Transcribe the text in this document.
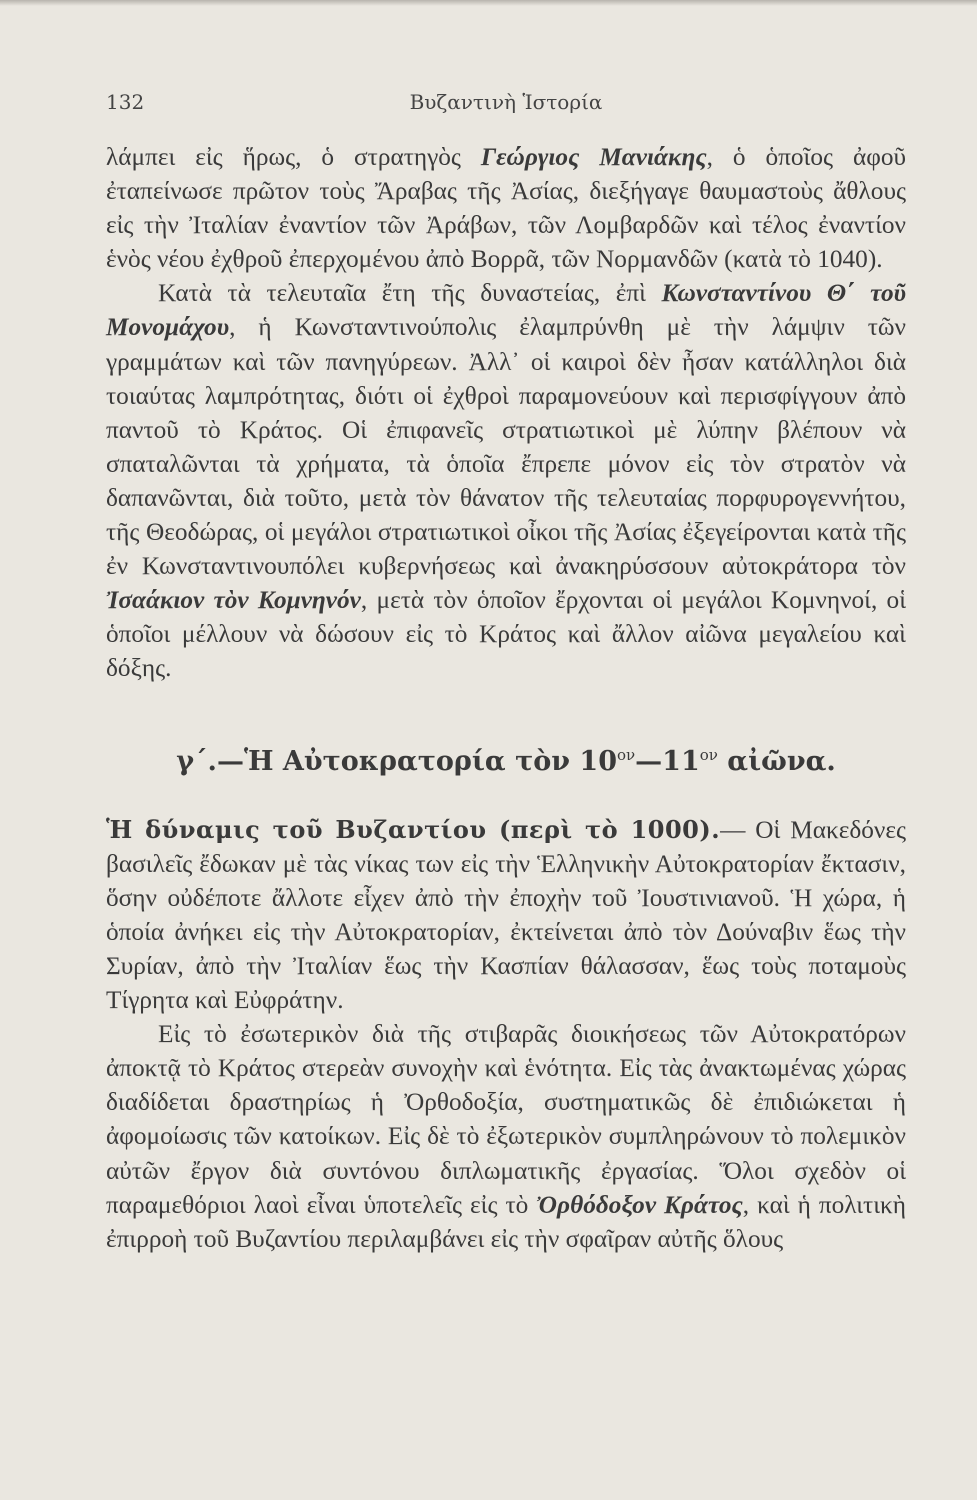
132	Βυζαντινὴ Ἱστορία

λάμπει εἰς ἥρως, ὁ στρατηγὸς Γεώργιος Μανιάκης, ὁ ὁποῖος ἀφοῦ ἐταπείνωσε πρῶτον τοὺς Ἄραβας τῆς Ἀσίας, διεξήγαγε θαυμαστοὺς ἄθλους εἰς τὴν Ἰταλίαν ἐναντίον τῶν Ἀράβων, τῶν Λομβαρδῶν καὶ τέλος ἐναντίον ἑνὸς νέου ἐχθροῦ ἐπερχομένου ἀπὸ Βορρᾶ, τῶν Νορμανδῶν (κατὰ τὸ 1040).

Κατὰ τὰ τελευταῖα ἔτη τῆς δυναστείας, ἐπὶ Κωνσταντίνου Θ΄ τοῦ Μονομάχου, ἡ Κωνσταντινούπολις ἐλαμπρύνθη μὲ τὴν λάμψιν τῶν γραμμάτων καὶ τῶν πανηγύρεων. Ἀλλ᾽ οἱ καιροὶ δὲν ἦσαν κατάλληλοι διὰ τοιαύτας λαμπρότητας, διότι οἱ ἐχθροὶ παραμονεύουν καὶ περισφίγγουν ἀπὸ παντοῦ τὸ Κράτος. Οἱ ἐπιφανεῖς στρατιωτικοὶ μὲ λύπην βλέπουν νὰ σπαταλῶνται τὰ χρήματα, τὰ ὁποῖα ἔπρεπε μόνον εἰς τὸν στρατὸν νὰ δαπανῶνται, διὰ τοῦτο, μετὰ τὸν θάνατον τῆς τελευταίας πορφυρογεννήτου, τῆς Θεοδώρας, οἱ μεγάλοι στρατιωτικοὶ οἶκοι τῆς Ἀσίας ἐξεγείρονται κατὰ τῆς ἐν Κωνσταντινουπόλει κυβερνήσεως καὶ ἀνακηρύσσουν αὐτοκράτορα τὸν Ἰσαάκιον τὸν Κομνηνόν, μετὰ τὸν ὁποῖον ἔρχονται οἱ μεγάλοι Κομνηνοί, οἱ ὁποῖοι μέλλουν νὰ δώσουν εἰς τὸ Κράτος καὶ ἄλλον αἰῶνα μεγαλείου καὶ δόξης.

γ΄.—Ἡ Αὐτοκρατορία τὸν $10^{o\nu}—11^{o\nu}$ αἰῶνα.

Ἡ δύναμις τοῦ Βυζαντίου (περὶ τὸ 1000).— Οἱ Μακεδόνες βασιλεῖς ἔδωκαν μὲ τὰς νίκας των εἰς τὴν Ἑλληνικὴν Αὐτοκρατορίαν ἔκτασιν, ὅσην οὐδέποτε ἄλλοτε εἶχεν ἀπὸ τὴν ἐποχὴν τοῦ Ἰουστινιανοῦ. Ἡ χώρα, ἡ ὁποία ἀνήκει εἰς τὴν Αὐτοκρατορίαν, ἐκτείνεται ἀπὸ τὸν Δούναβιν ἕως τὴν Συρίαν, ἀπὸ τὴν Ἰταλίαν ἕως τὴν Κασπίαν θάλασσαν, ἕως τοὺς ποταμοὺς Τίγρητα καὶ Εὐφράτην.

Εἰς τὸ ἐσωτερικὸν διὰ τῆς στιβαρᾶς διοικήσεως τῶν Αὐτοκρατόρων ἀποκτᾷ τὸ Κράτος στερεὰν συνοχὴν καὶ ἑνότητα. Εἰς τὰς ἀνακτωμένας χώρας διαδίδεται δραστηρίως ἡ Ὀρθοδοξία, συστηματικῶς δὲ ἐπιδιώκεται ἡ ἀφομοίωσις τῶν κατοίκων. Εἰς δὲ τὸ ἐξωτερικὸν συμπληρώνουν τὸ πολεμικὸν αὐτῶν ἔργον διὰ συντόνου διπλωματικῆς ἐργασίας. Ὅλοι σχεδὸν οἱ παραμεθόριοι λαοὶ εἶναι ὑποτελεῖς εἰς τὸ Ὀρθόδοξον Κράτος, καὶ ἡ πολιτικὴ ἐπιρροὴ τοῦ Βυζαντίου περιλαμβάνει εἰς τὴν σφαῖραν αὐτῆς ὅλους
